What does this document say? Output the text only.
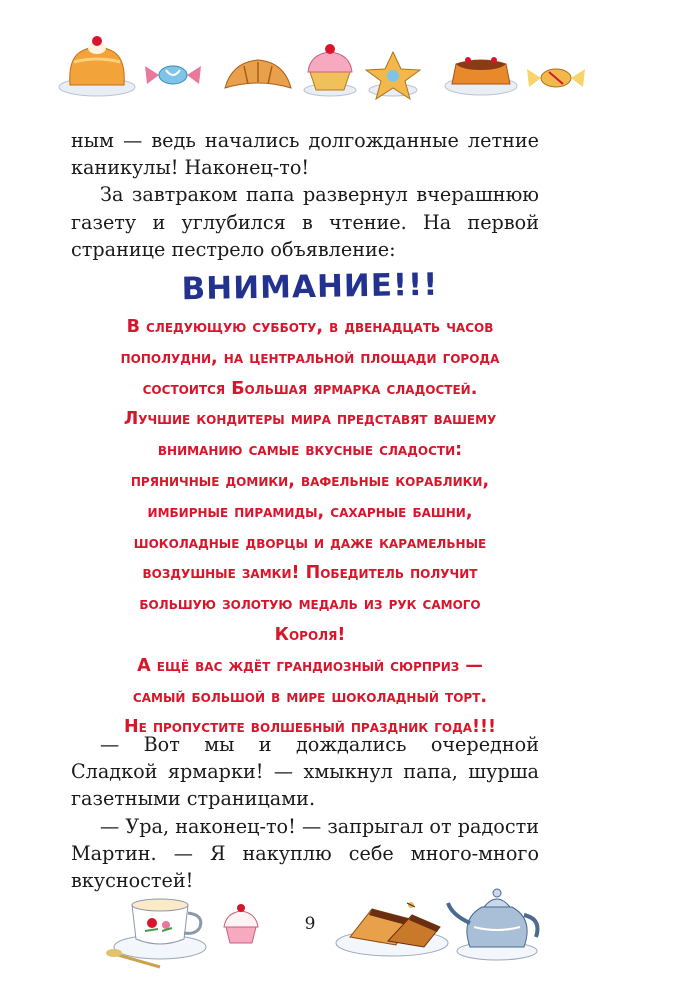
ным — ведь начались долгожданные летние каникулы! Наконец-то!

За завтраком папа развернул вчерашнюю газету и углубился в чтение. На первой странице пестрело объявление:

ВНИМАНИЕ!!!
В следующую субботу, в двенадцать часов
пополудни, на центральной площади города
состоится Большая ярмарка сладостей.
Лучшие кондитеры мира представят вашему
вниманию самые вкусные сладости:
пряничные домики, вафельные кораблики,
имбирные пирамиды, сахарные башни,
шоколадные дворцы и даже карамельные
воздушные замки! Победитель получит
большую золотую медаль из рук самого
Короля!
А ещё вас ждёт грандиозный сюрприз —
самый большой в мире шоколадный торт.
Не пропустите волшебный праздник года!!!

— Вот мы и дождались очередной Сладкой ярмарки! — хмыкнул папа, шурша газетными страницами.

— Ура, наконец-то! — запрыгал от радости Мартин. — Я накуплю себе много-много вкусностей!

9
